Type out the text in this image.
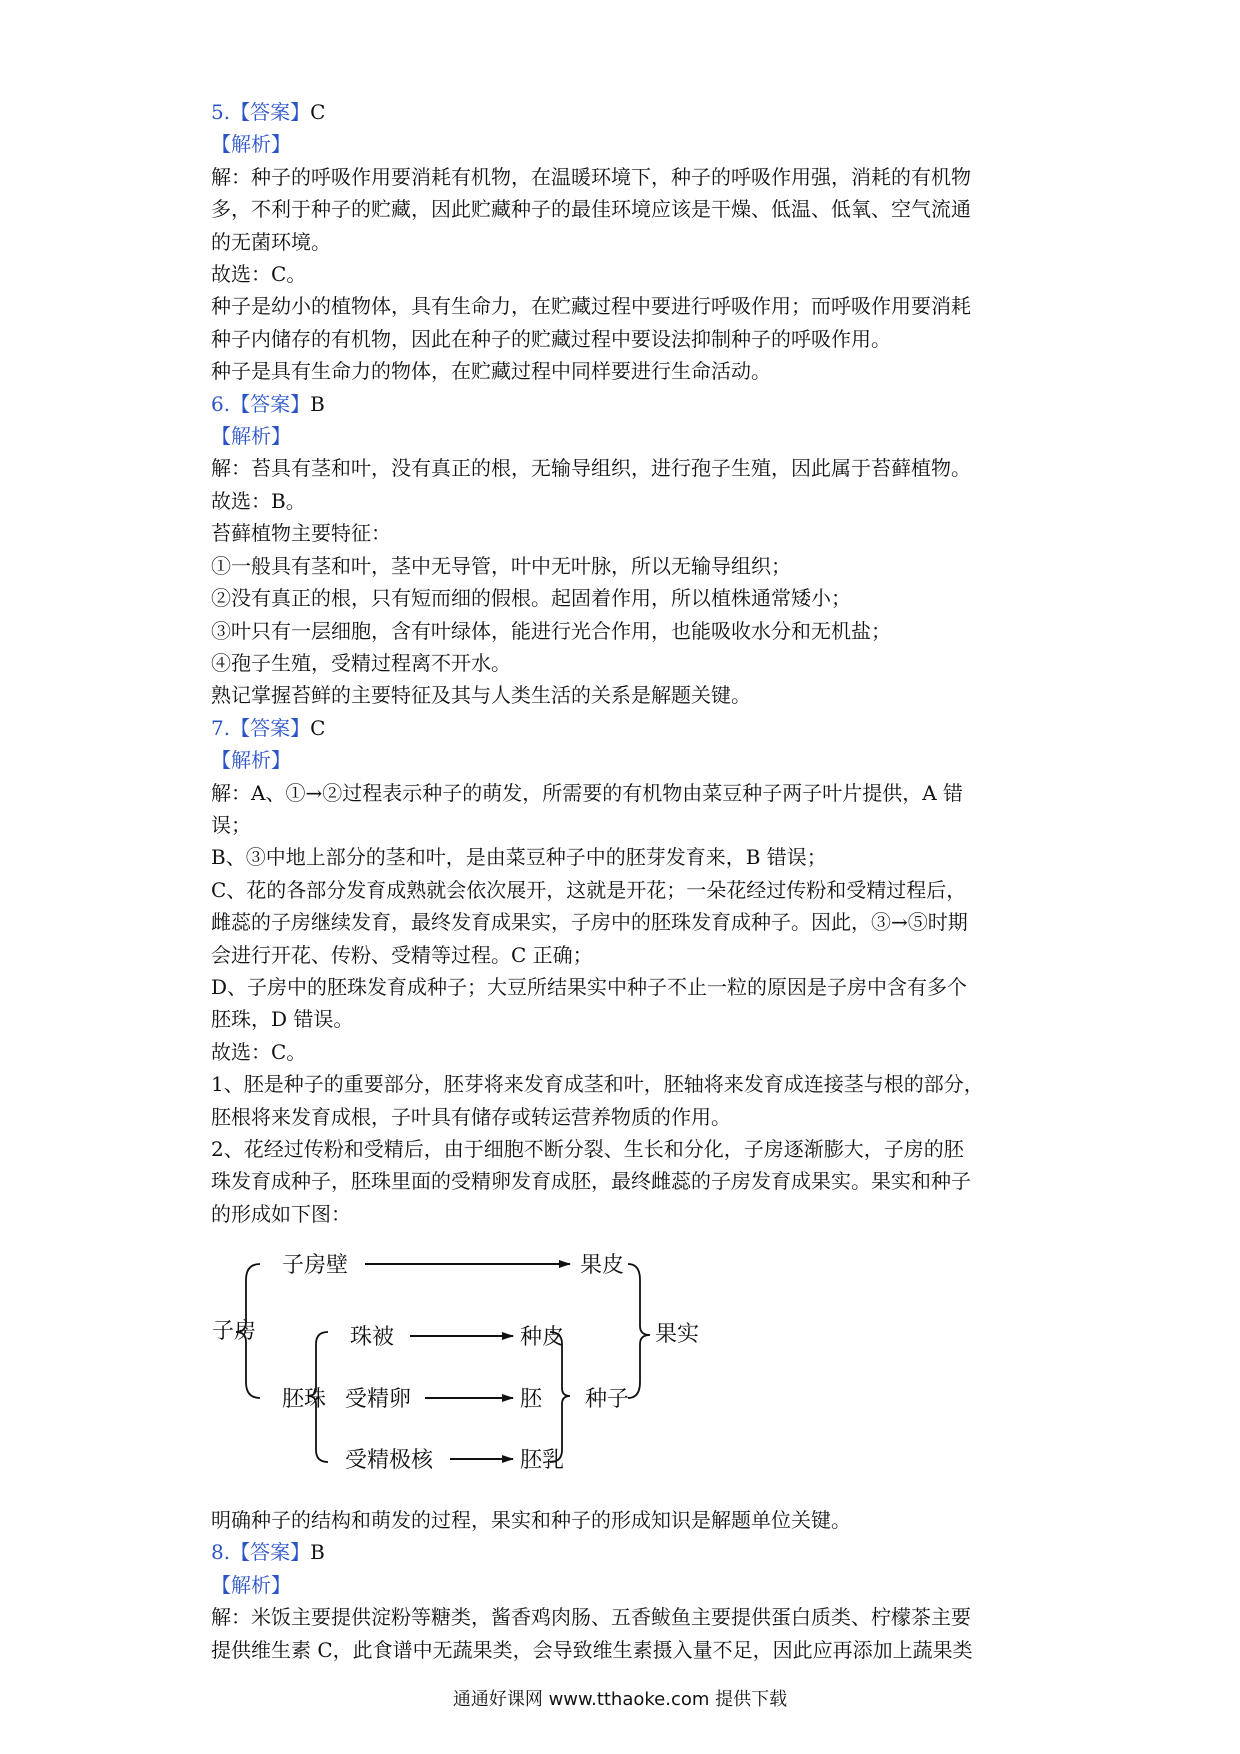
5.【答案】C
【解析】
解：种子的呼吸作用要消耗有机物，在温暖环境下，种子的呼吸作用强，消耗的有机物
多，不利于种子的贮藏，因此贮藏种子的最佳环境应该是干燥、低温、低氧、空气流通
的无菌环境。
故选：C。
种子是幼小的植物体，具有生命力，在贮藏过程中要进行呼吸作用；而呼吸作用要消耗
种子内储存的有机物，因此在种子的贮藏过程中要设法抑制种子的呼吸作用。
种子是具有生命力的物体，在贮藏过程中同样要进行生命活动。
6.【答案】B
【解析】
解：苔具有茎和叶，没有真正的根，无输导组织，进行孢子生殖，因此属于苔藓植物。
故选：B。
苔藓植物主要特征：
①一般具有茎和叶，茎中无导管，叶中无叶脉，所以无输导组织；
②没有真正的根，只有短而细的假根。起固着作用，所以植株通常矮小；
③叶只有一层细胞，含有叶绿体，能进行光合作用，也能吸收水分和无机盐；
④孢子生殖，受精过程离不开水。
熟记掌握苔鲜的主要特征及其与人类生活的关系是解题关键。
7.【答案】C
【解析】
解：A、①→②过程表示种子的萌发，所需要的有机物由菜豆种子两子叶片提供，A 错
误；
B、③中地上部分的茎和叶，是由菜豆种子中的胚芽发育来，B 错误；
C、花的各部分发育成熟就会依次展开，这就是开花；一朵花经过传粉和受精过程后，
雌蕊的子房继续发育，最终发育成果实，子房中的胚珠发育成种子。因此，③→⑤时期
会进行开花、传粉、受精等过程。C 正确；
D、子房中的胚珠发育成种子；大豆所结果实中种子不止一粒的原因是子房中含有多个
胚珠，D 错误。
故选：C。
1、胚是种子的重要部分，胚芽将来发育成茎和叶，胚轴将来发育成连接茎与根的部分，
胚根将来发育成根，子叶具有储存或转运营养物质的作用。
2、花经过传粉和受精后，由于细胞不断分裂、生长和分化，子房逐渐膨大，子房的胚
珠发育成种子，胚珠里面的受精卵发育成胚，最终雌蕊的子房发育成果实。果实和种子
的形成如下图：
子房
子房壁	果皮
果实
胚珠
珠被	种皮
受精卵	胚 种子
受精极核	胚乳
明确种子的结构和萌发的过程，果实和种子的形成知识是解题单位关键。
8.【答案】B
【解析】
解：米饭主要提供淀粉等糖类，酱香鸡肉肠、五香鲅鱼主要提供蛋白质类、柠檬茶主要
提供维生素 C，此食谱中无蔬果类，会导致维生素摄入量不足，因此应再添加上蔬果类
通通好课网 www.tthaoke.com 提供下载
